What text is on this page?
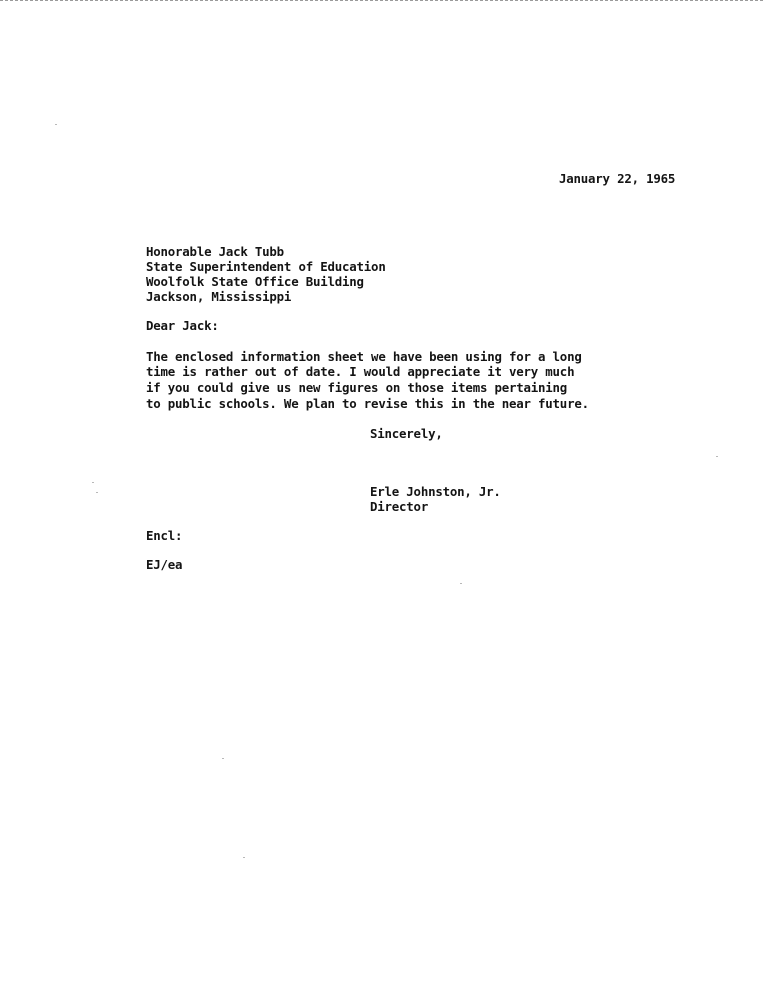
January 22, 1965

Honorable Jack Tubb

State Superintendent of Education

Woolfolk State Office Building

Jackson, Mississippi

Dear Jack:

The enclosed information sheet we have been using for a long

time is rather out of date. I would appreciate it very much

if you could give us new figures on those items pertaining

to public schools. We plan to revise this in the near future.

Sincerely,

Erle Johnston, Jr.

Director

Encl:

EJ/ea
